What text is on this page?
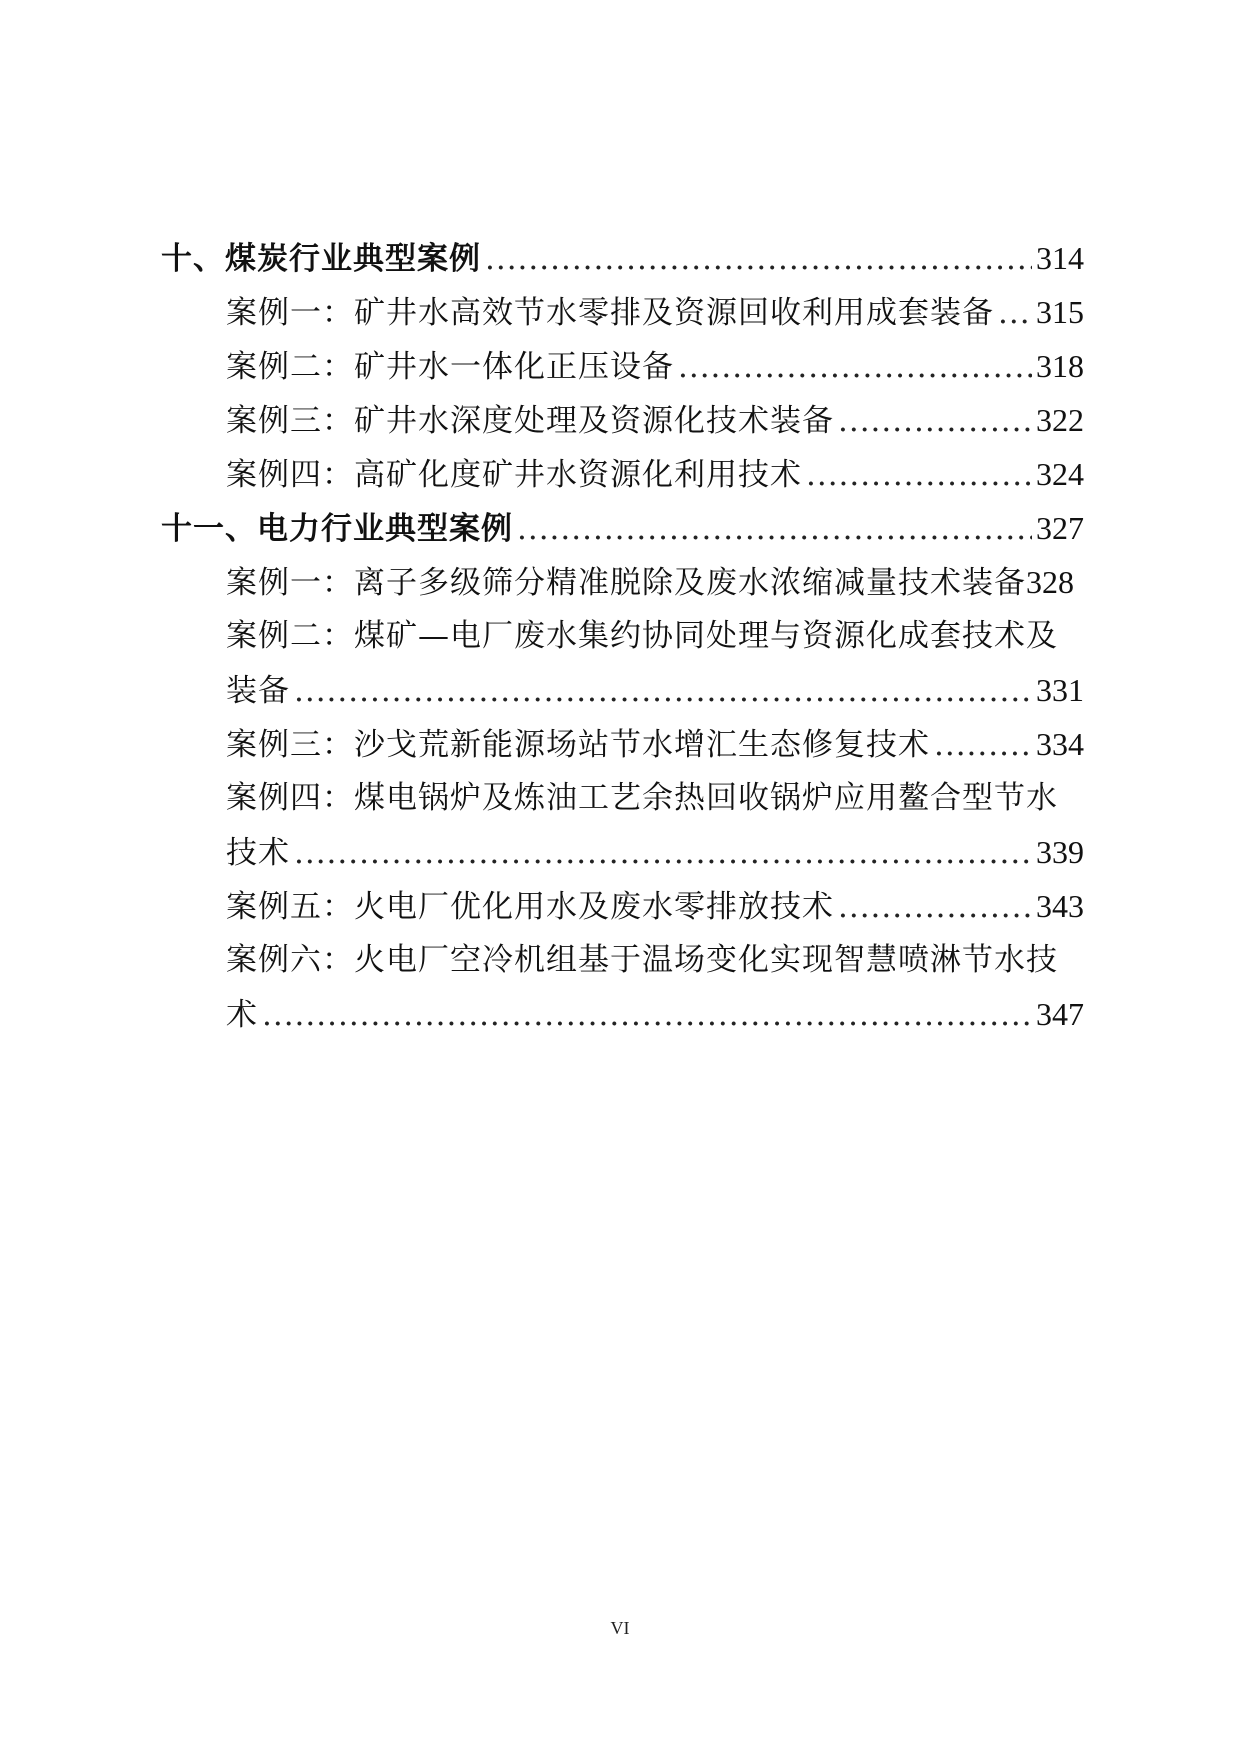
十、煤炭行业典型案例 .....	314
案例一：矿井水高效节水零排及资源回收利用成套装备 ..... 315
案例二：矿井水一体化正压设备 .....	318
案例三：矿井水深度处理及资源化技术装备 .....	322
案例四：高矿化度矿井水资源化利用技术 .....	324
十一、电力行业典型案例 .....	327
案例一：离子多级筛分精准脱除及废水浓缩减量技术装备 328
案例二：煤矿—电厂废水集约协同处理与资源化成套技术及
装备 .....	331
案例三：沙戈荒新能源场站节水增汇生态修复技术 .....	334
案例四：煤电锅炉及炼油工艺余热回收锅炉应用鳌合型节水
技术 .....	339
案例五：火电厂优化用水及废水零排放技术 .....	343
案例六：火电厂空冷机组基于温场变化实现智慧喷淋节水技
术 .....	347
VI
